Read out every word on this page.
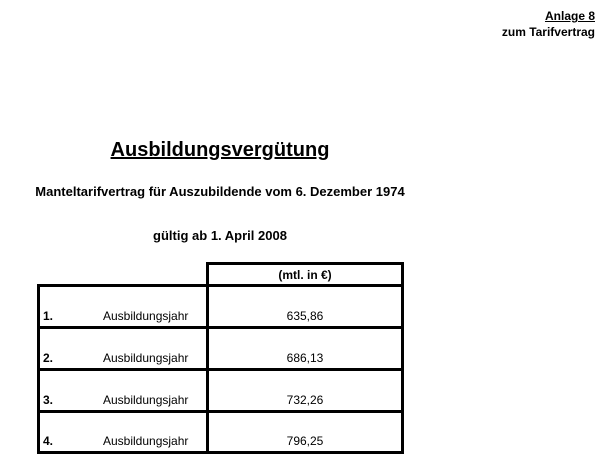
Anlage 8
zum Tarifvertrag
Ausbildungsvergütung
Manteltarifvertrag für Auszubildende vom 6. Dezember 1974
gültig ab 1. April 2008
(mtl. in €)
1.	Ausbildungsjahr	635,86
2.	Ausbildungsjahr	686,13
3.	Ausbildungsjahr	732,26
4.	Ausbildungsjahr	796,25
